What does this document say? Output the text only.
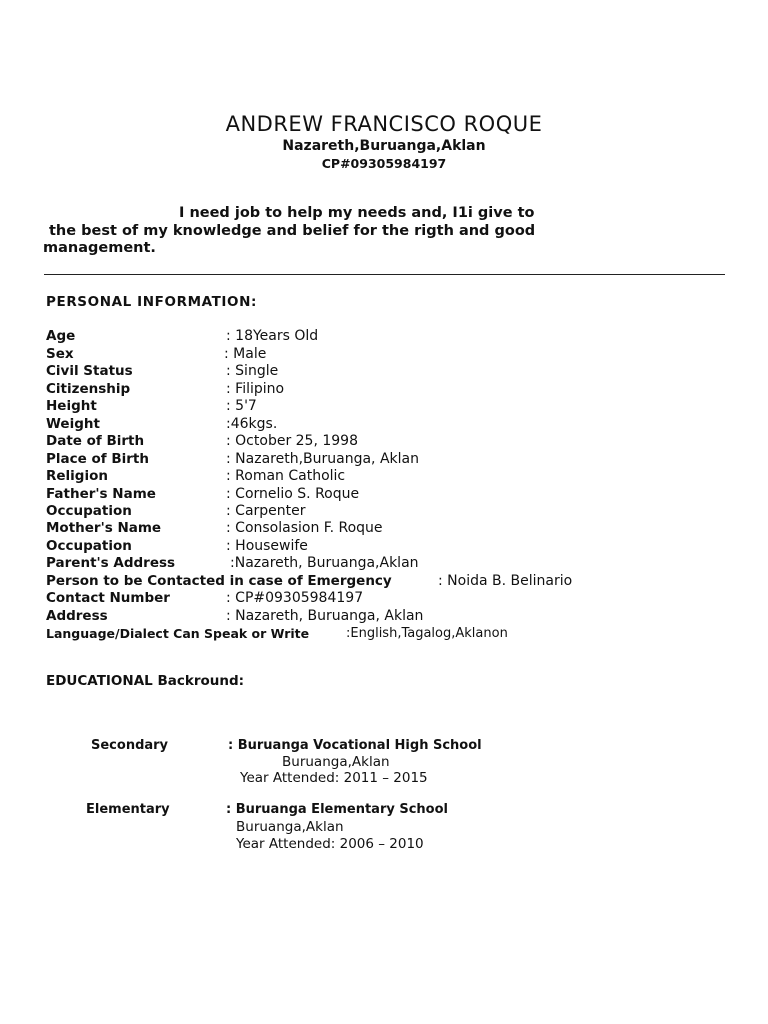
ANDREW FRANCISCO ROQUE
Nazareth,Buruanga,Aklan
CP#09305984197
I need job to help my needs and, I1i give to
the best of my knowledge and belief for the rigth and good
management.
PERSONAL INFORMATION:
Age	: 18Years Old
Sex	: Male
Civil Status	: Single
Citizenship	: Filipino
Height	: 5'7
Weight	:46kgs.
Date of Birth	: October 25, 1998
Place of Birth	: Nazareth,Buruanga, Aklan
Religion	: Roman Catholic
Father's Name	: Cornelio S. Roque
Occupation	: Carpenter
Mother's Name	: Consolasion F. Roque
Occupation	: Housewife
Parent's Address	:Nazareth, Buruanga,Aklan
Person to be Contacted in case of Emergency	: Noida B. Belinario
Contact Number	: CP#09305984197
Address	: Nazareth, Buruanga, Aklan
Language/Dialect Can Speak or Write	:English,Tagalog,Aklanon
EDUCATIONAL Backround:
Secondary	: Buruanga Vocational High School
Buruanga,Aklan
Year Attended: 2011 – 2015
Elementary	: Buruanga Elementary School
Buruanga,Aklan
Year Attended: 2006 – 2010
